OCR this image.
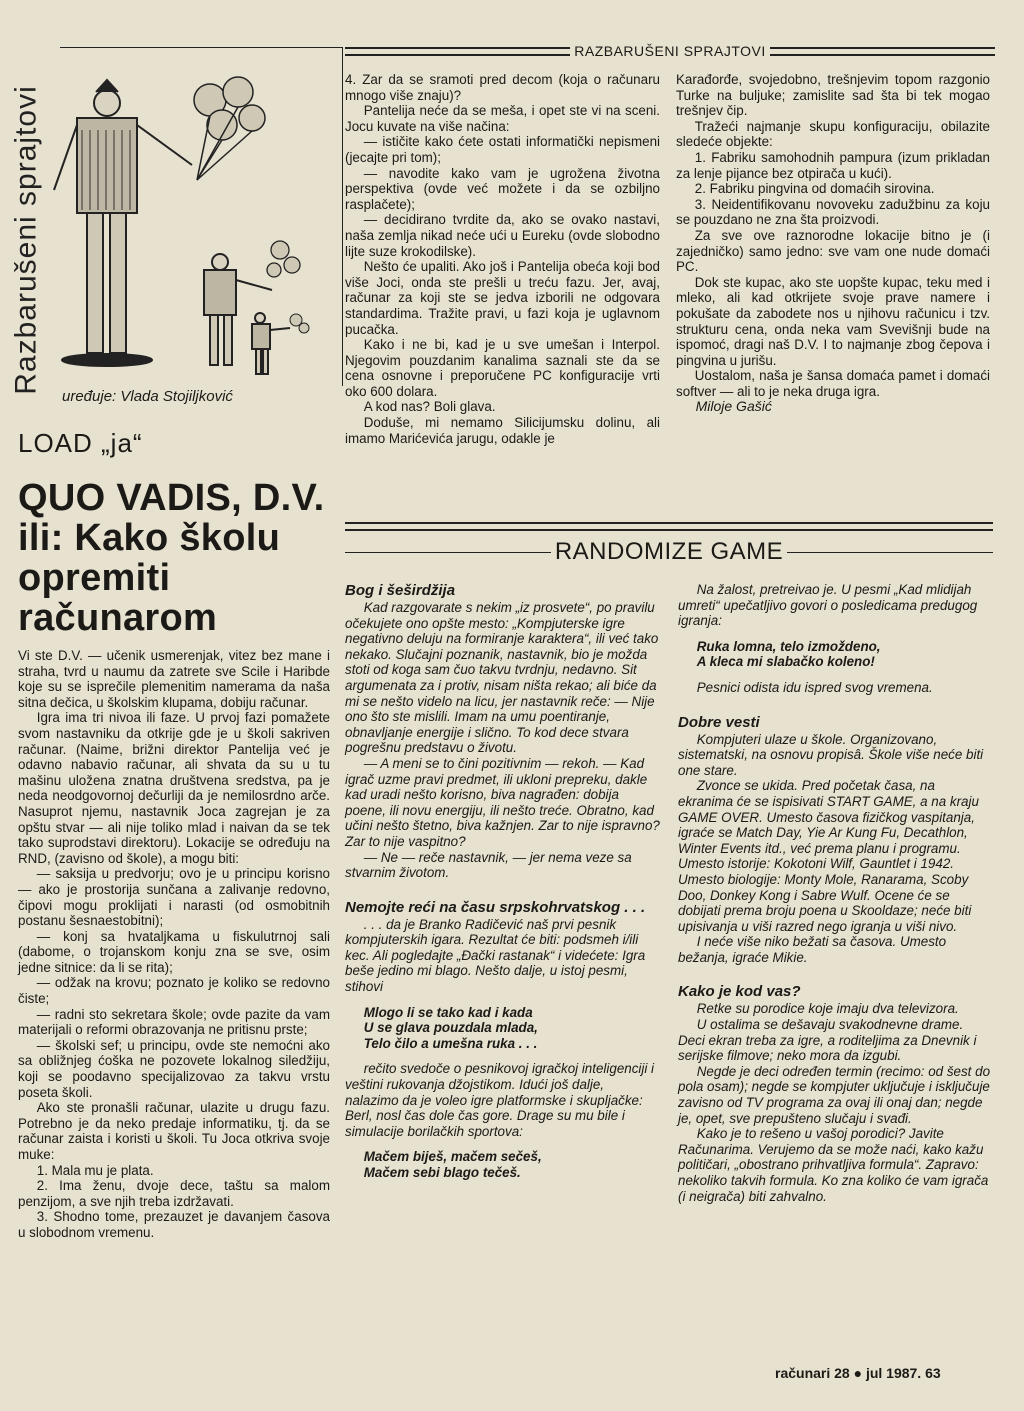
Razbarušeni sprajtovi
uređuje: Vlada Stojiljković
LOAD „ja“
QUO VADIS, D.V.
ili: Kako školu
opremiti
računarom

Vi ste D.V. — učenik usmerenjak, vitez bez mane i straha, tvrd u naumu da zatrete sve Scile i Haribde koje su se isprečile plemenitim namerama da naša sitna dečica, u školskim klupama, dobiju računar.

Igra ima tri nivoa ili faze. U prvoj fazi pomažete svom nastavniku da otkrije gde je u školi sakriven računar. (Naime, brižni direktor Pantelija već je odavno nabavio računar, ali shvata da su u tu mašinu uložena znatna društvena sredstva, pa je neda neodgovornoj dečurliji da je nemilosrdno arče. Nasuprot njemu, nastavnik Joca zagrejan je za opštu stvar — ali nije toliko mlad i naivan da se tek tako suprodstavi direktoru). Lokacije se određuju na RND, (zavisno od škole), a mogu biti:

— saksija u predvorju; ovo je u principu korisno — ako je prostorija sunčana a zalivanje redovno, čipovi mogu proklijati i narasti (od osmobitnih postanu šesnaestobitni);

— konj sa hvataljkama u fiskulutrnoj sali (dabome, o trojanskom konju zna se sve, osim jedne sitnice: da li se rita);

— odžak na krovu; poznato je koliko se redovno čiste;

— radni sto sekretara škole; ovde pazite da vam materijali o reformi obrazovanja ne pritisnu prste;

— školski sef; u principu, ovde ste nemoćni ako sa obližnjeg ćoška ne pozovete lokalnog siledžiju, koji se poodavno specijalizovao za takvu vrstu poseta školi.

Ako ste pronašli računar, ulazite u drugu fazu. Potrebno je da neko predaje informatiku, tj. da se računar zaista i koristi u školi. Tu Joca otkriva svoje muke:

1. Mala mu je plata.

2. Ima ženu, dvoje dece, taštu sa malom penzijom, a sve njih treba izdržavati.

3. Shodno tome, prezauzet je davanjem časova u slobodnom vremenu.

RAZBARUŠENI SPRAJTOVI

4. Zar da se sramoti pred decom (koja o računaru mnogo više znaju)?

Pantelija neće da se meša, i opet ste vi na sceni. Jocu kuvate na više načina:

— ističite kako ćete ostati informatički nepismeni (jecajte pri tom);

— navodite kako vam je ugrožena životna perspektiva (ovde već možete i da se ozbiljno rasplačete);

— decidirano tvrdite da, ako se ovako nastavi, naša zemlja nikad neće ući u Eureku (ovde slobodno lijte suze krokodilske).

Nešto će upaliti. Ako još i Pantelija obeća koji bod više Joci, onda ste prešli u treću fazu. Jer, avaj, računar za koji ste se jedva izborili ne odgovara standardima. Tražite pravi, u fazi koja je uglavnom pucačka.

Kako i ne bi, kad je u sve umešan i Interpol. Njegovim pouzdanim kanalima saznali ste da se cena osnovne i preporučene PC konfiguracije vrti oko 600 dolara.

A kod nas? Boli glava.

Doduše, mi nemamo Silicijumsku dolinu, ali imamo Marićevića jarugu, odakle je

Karađorđe, svojedobno, trešnjevim topom razgonio Turke na buljuke; zamislite sad šta bi tek mogao trešnjev čip.

Tražeći najmanje skupu konfiguraciju, obilazite sledeće objekte:

1. Fabriku samohodnih pampura (izum prikladan za lenje pijance bez otpirača u kući).

2. Fabriku pingvina od domaćih sirovina.

3. Neidentifikovanu novoveku zadužbinu za koju se pouzdano ne zna šta proizvodi.

Za sve ove raznorodne lokacije bitno je (i zajedničko) samo jedno: sve vam one nude domaći PC.

Dok ste kupac, ako ste uopšte kupac, teku med i mleko, ali kad otkrijete svoje prave namere i pokušate da zabodete nos u njihovu računicu i tzv. strukturu cena, onda neka vam Svevišnji bude na ispomoć, dragi naš D.V. I to najmanje zbog čepova i pingvina u jurišu.

Uostalom, naša je šansa domaća pamet i domaći softver — ali to je neka druga igra.

Miloje Gašić

RANDOMIZE GAME
Bog i šeširdžija

Kad razgovarate s nekim „iz prosvete“, po pravilu očekujete ono opšte mesto: „Kompjuterske igre negativno deluju na formiranje karaktera“, ili već tako nekako. Slučajni poznanik, nastavnik, bio je možda stoti od koga sam čuo takvu tvrdnju, nedavno. Sit argumenata za i protiv, nisam ništa rekao; ali biće da mi se nešto videlo na licu, jer nastavnik reče: — Nije ono što ste mislili. Imam na umu poentiranje, obnavljanje energije i slično. To kod dece stvara pogrešnu predstavu o životu.

— A meni se to čini pozitivnim — rekoh. — Kad igrač uzme pravi predmet, ili ukloni prepreku, dakle kad uradi nešto korisno, biva nagrađen: dobija poene, ili novu energiju, ili nešto treće. Obratno, kad učini nešto štetno, biva kažnjen. Zar to nije ispravno? Zar to nije vaspitno?

— Ne — reče nastavnik, — jer nema veze sa stvarnim životom.

Nemojte reći na času srpskohrvatskog . . .

. . . da je Branko Radičević naš prvi pesnik kompjuterskih igara. Rezultat će biti: podsmeh i/ili kec. Ali pogledajte „Đački rastanak“ i videćete: Igra beše jedino mi blago. Nešto dalje, u istoj pesmi, stihovi

Mlogo li se tako kad i kada

U se glava pouzdala mlada,

Telo čilo a umešna ruka . . .

rečito svedoče o pesnikovoj igračkoj inteligenciji i veštini rukovanja džojstikom. Idući još dalje, nalazimo da je voleo igre platformske i skupljačke: Berl, nosl čas dole čas gore. Drage su mu bile i simulacije borilačkih sportova:

Mačem biješ, mačem sečeš,

Mačem sebi blago tečeš.

Na žalost, pretreivao je. U pesmi „Kad mlidijah umreti“ upečatljivo govori o posledicama predugog igranja:

Ruka lomna, telo izmoždeno,

A kleca mi slabačko koleno!

Pesnici odista idu ispred svog vremena.

Dobre vesti

Kompjuteri ulaze u škole. Organizovano, sistematski, na osnovu propisâ. Škole više neće biti one stare.

Zvonce se ukida. Pred početak časa, na ekranima će se ispisivati START GAME, a na kraju GAME OVER. Umesto časova fizičkog vaspitanja, igraće se Match Day, Yie Ar Kung Fu, Decathlon, Winter Events itd., već prema planu i programu. Umesto istorije: Kokotoni Wilf, Gauntlet i 1942. Umesto biologije: Monty Mole, Ranarama, Scoby Doo, Donkey Kong i Sabre Wulf. Ocene će se dobijati prema broju poena u Skooldaze; neće biti upisivanja u viši razred nego igranja u viši nivo.

I neće više niko bežati sa časova. Umesto bežanja, igraće Mikie.

Kako je kod vas?

Retke su porodice koje imaju dva televizora.

U ostalima se dešavaju svakodnevne drame. Deci ekran treba za igre, a roditeljima za Dnevnik i serijske filmove; neko mora da izgubi.

Negde je deci određen termin (recimo: od šest do pola osam); negde se kompjuter uključuje i isključuje zavisno od TV programa za ovaj ili onaj dan; negde je, opet, sve prepušteno slučaju i svađi.

Kako je to rešeno u vašoj porodici? Javite Računarima. Verujemo da se može naći, kako kažu političari, „obostrano prihvatljiva formula“. Zapravo: nekoliko takvih formula. Ko zna koliko će vam igrača (i neigrača) biti zahvalno.

računari 28 ● jul 1987. 63
